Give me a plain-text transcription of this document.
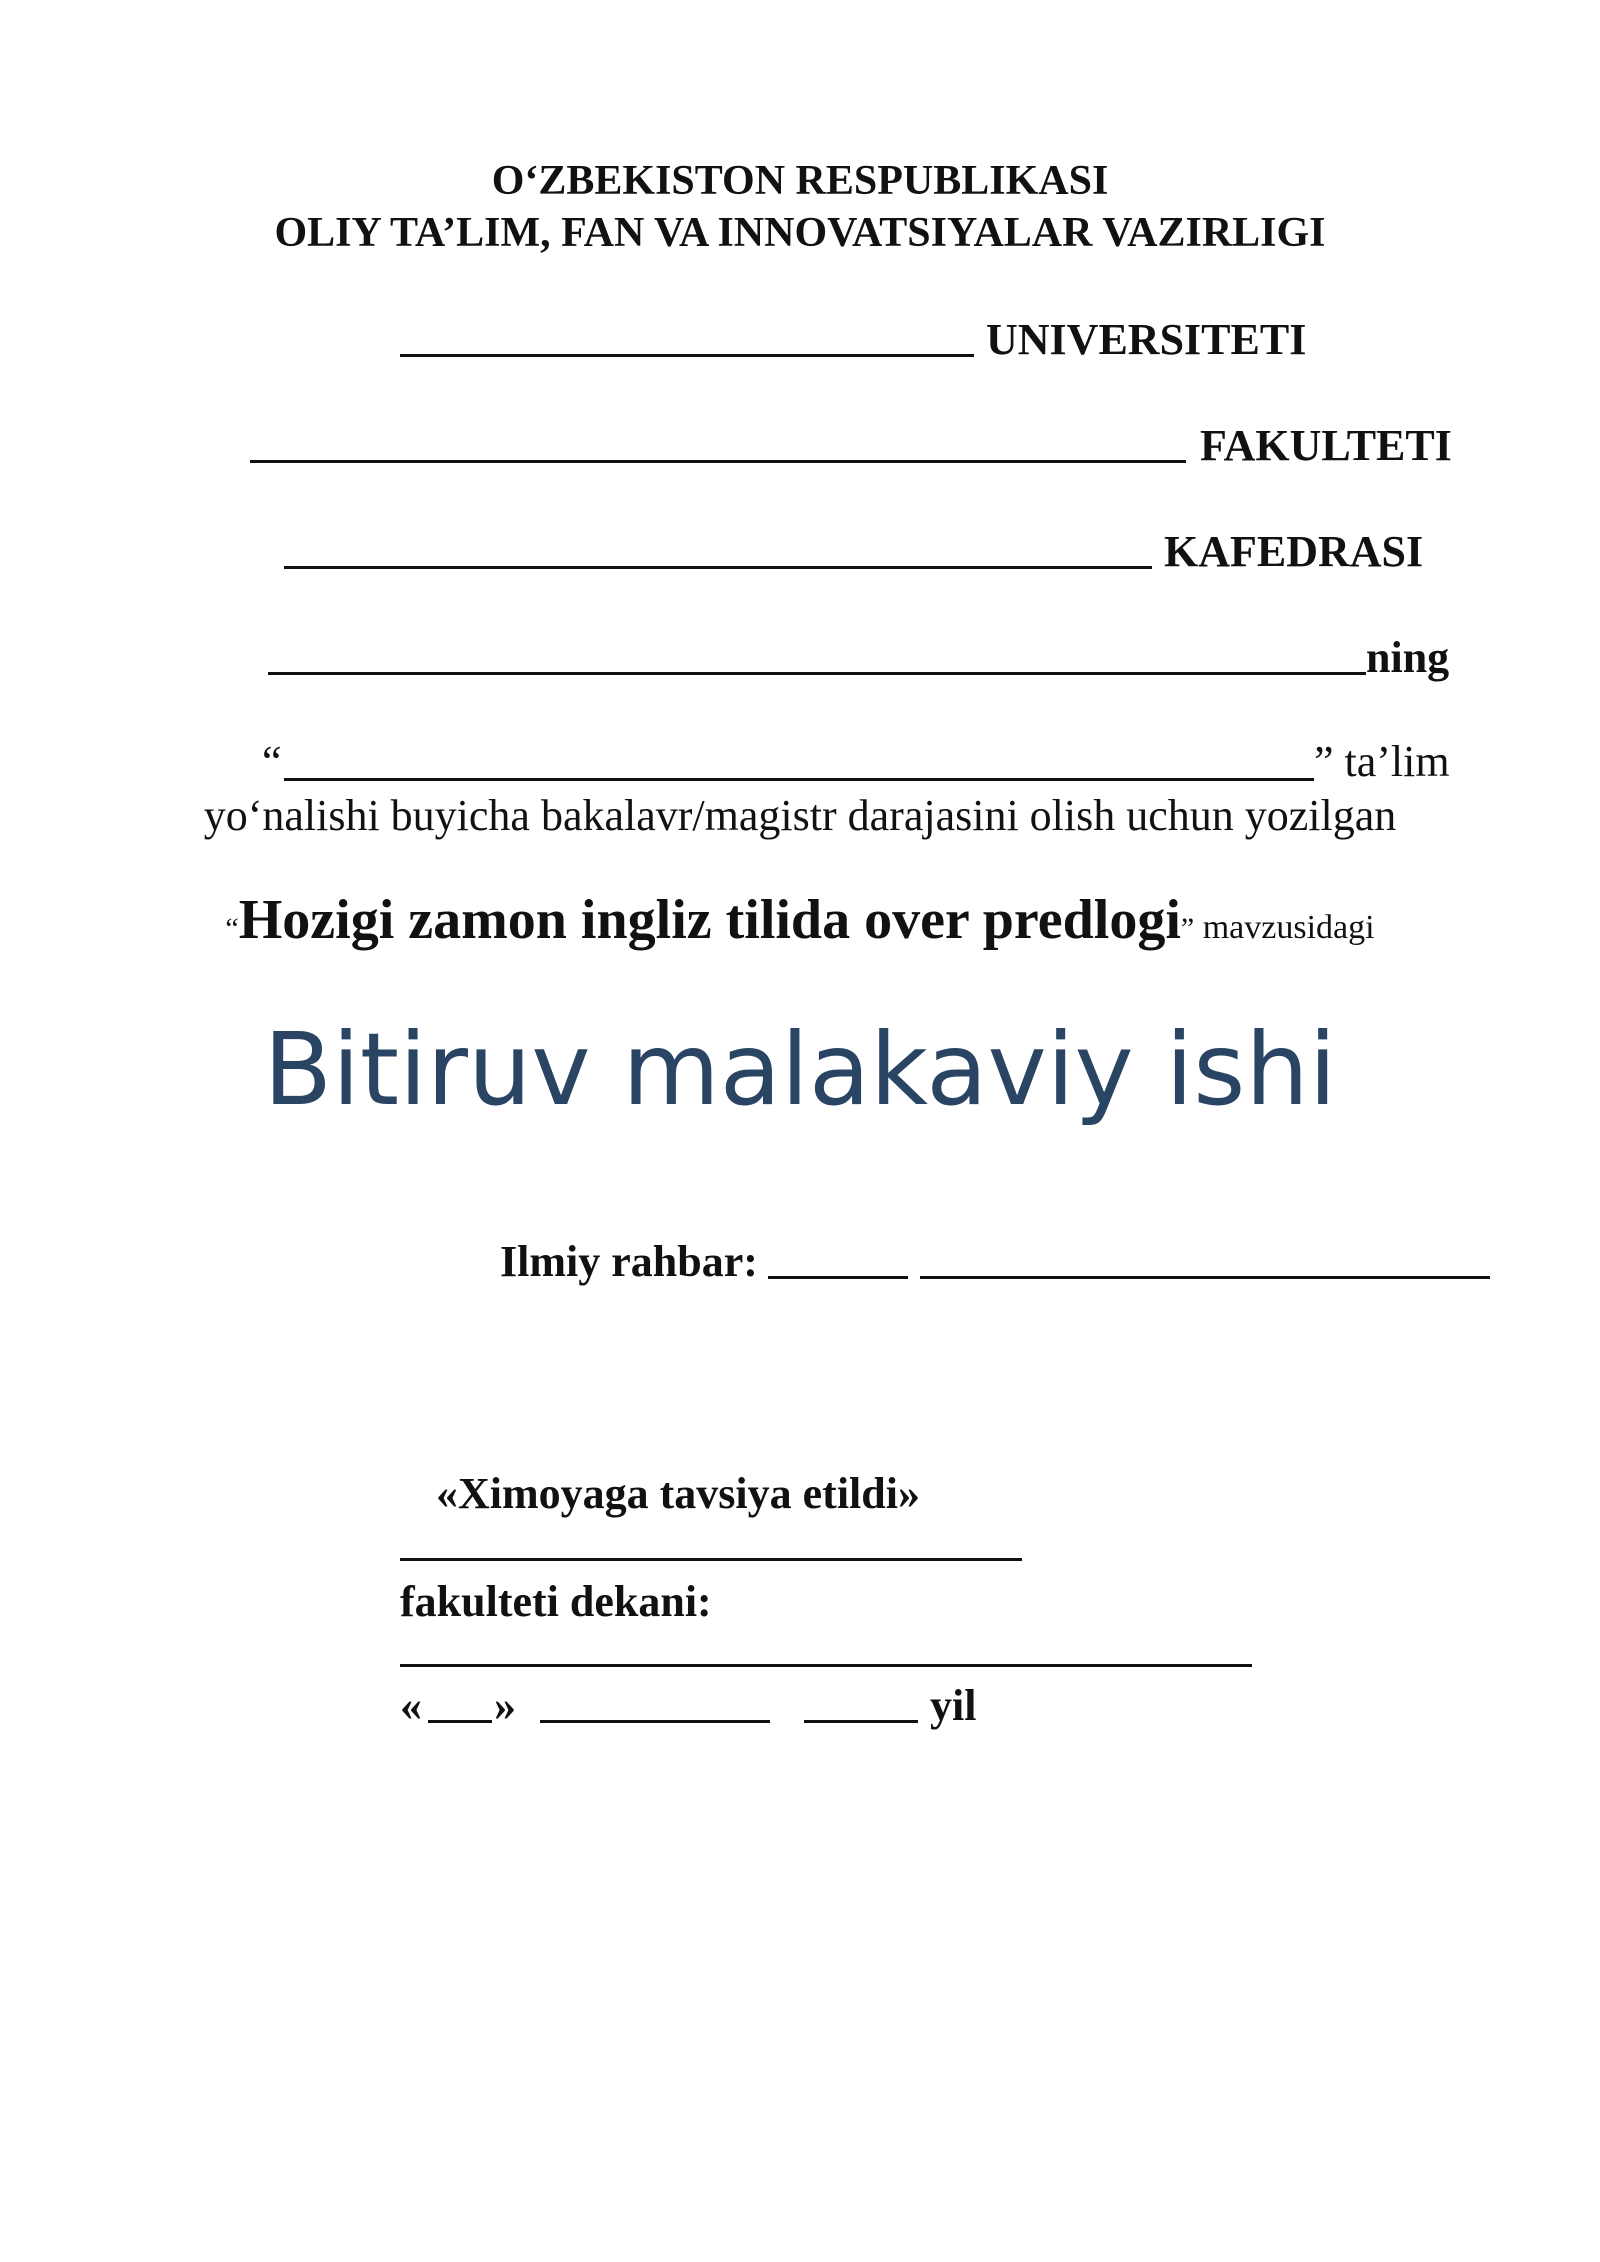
O‘ZBEKISTON RESPUBLIKASI
OLIY TA’LIM, FAN VA INNOVATSIYALAR VAZIRLIGI
UNIVERSITETI
FAKULTETI
KAFEDRASI
ning
“	” ta’lim
yo‘nalishi buyicha bakalavr/magistr darajasini olish uchun yozilgan
“Hozigi zamon ingliz tilida over predlogi” mavzusidagi
Bitiruv malakaviy ishi
Ilmiy rahbar:
«Ximoyaga tavsiya etildi»
fakulteti dekani:
« »	yil
